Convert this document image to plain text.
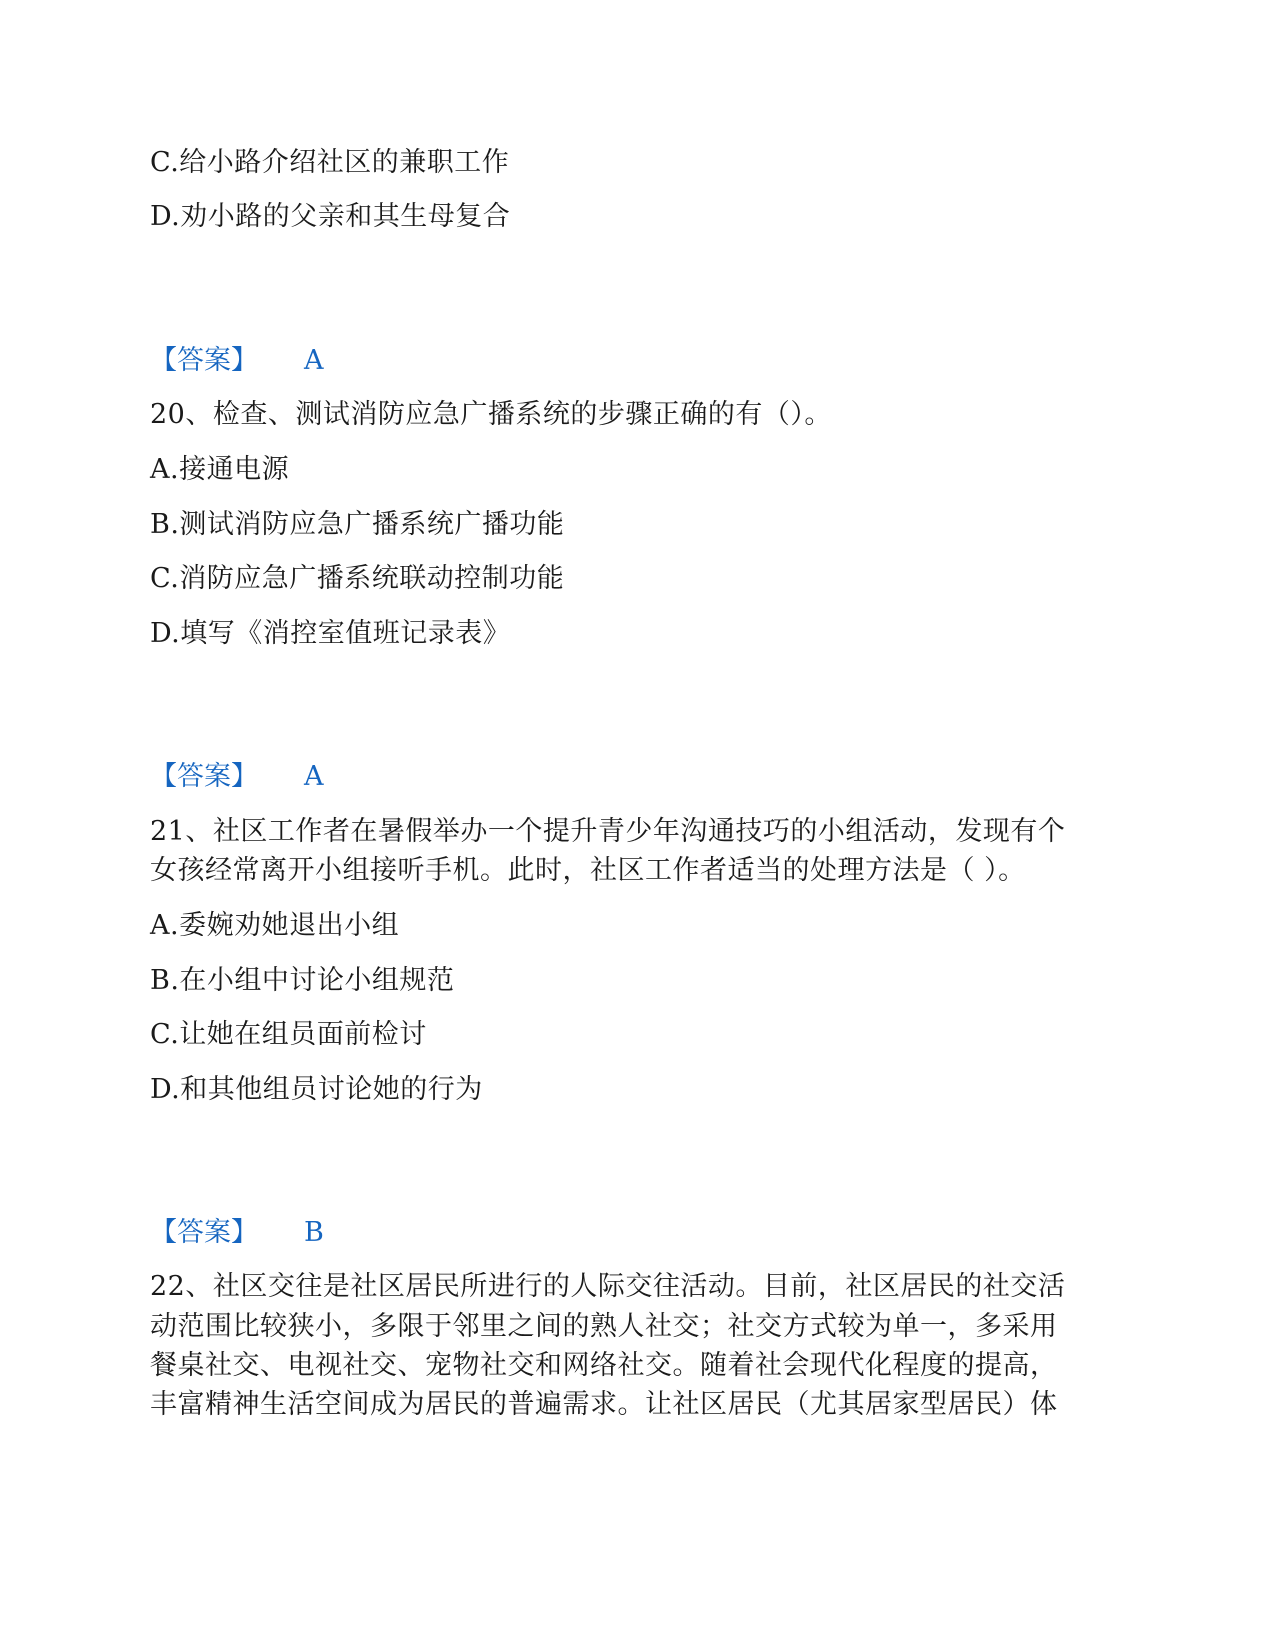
C.给小路介绍社区的兼职工作
D.劝小路的父亲和其生母复合
【答案】 A
20、检查、测试消防应急广播系统的步骤正确的有（）。
A.接通电源
B.测试消防应急广播系统广播功能
C.消防应急广播系统联动控制功能
D.填写《消控室值班记录表》
【答案】 A
21、社区工作者在暑假举办一个提升青少年沟通技巧的小组活动，发现有个
女孩经常离开小组接听手机。此时，社区工作者适当的处理方法是（ ）。
A.委婉劝她退出小组
B.在小组中讨论小组规范
C.让她在组员面前检讨
D.和其他组员讨论她的行为
【答案】 B
22、社区交往是社区居民所进行的人际交往活动。目前，社区居民的社交活
动范围比较狭小，多限于邻里之间的熟人社交；社交方式较为单一，多采用
餐桌社交、电视社交、宠物社交和网络社交。随着社会现代化程度的提高，
丰富精神生活空间成为居民的普遍需求。让社区居民（尤其居家型居民）体
